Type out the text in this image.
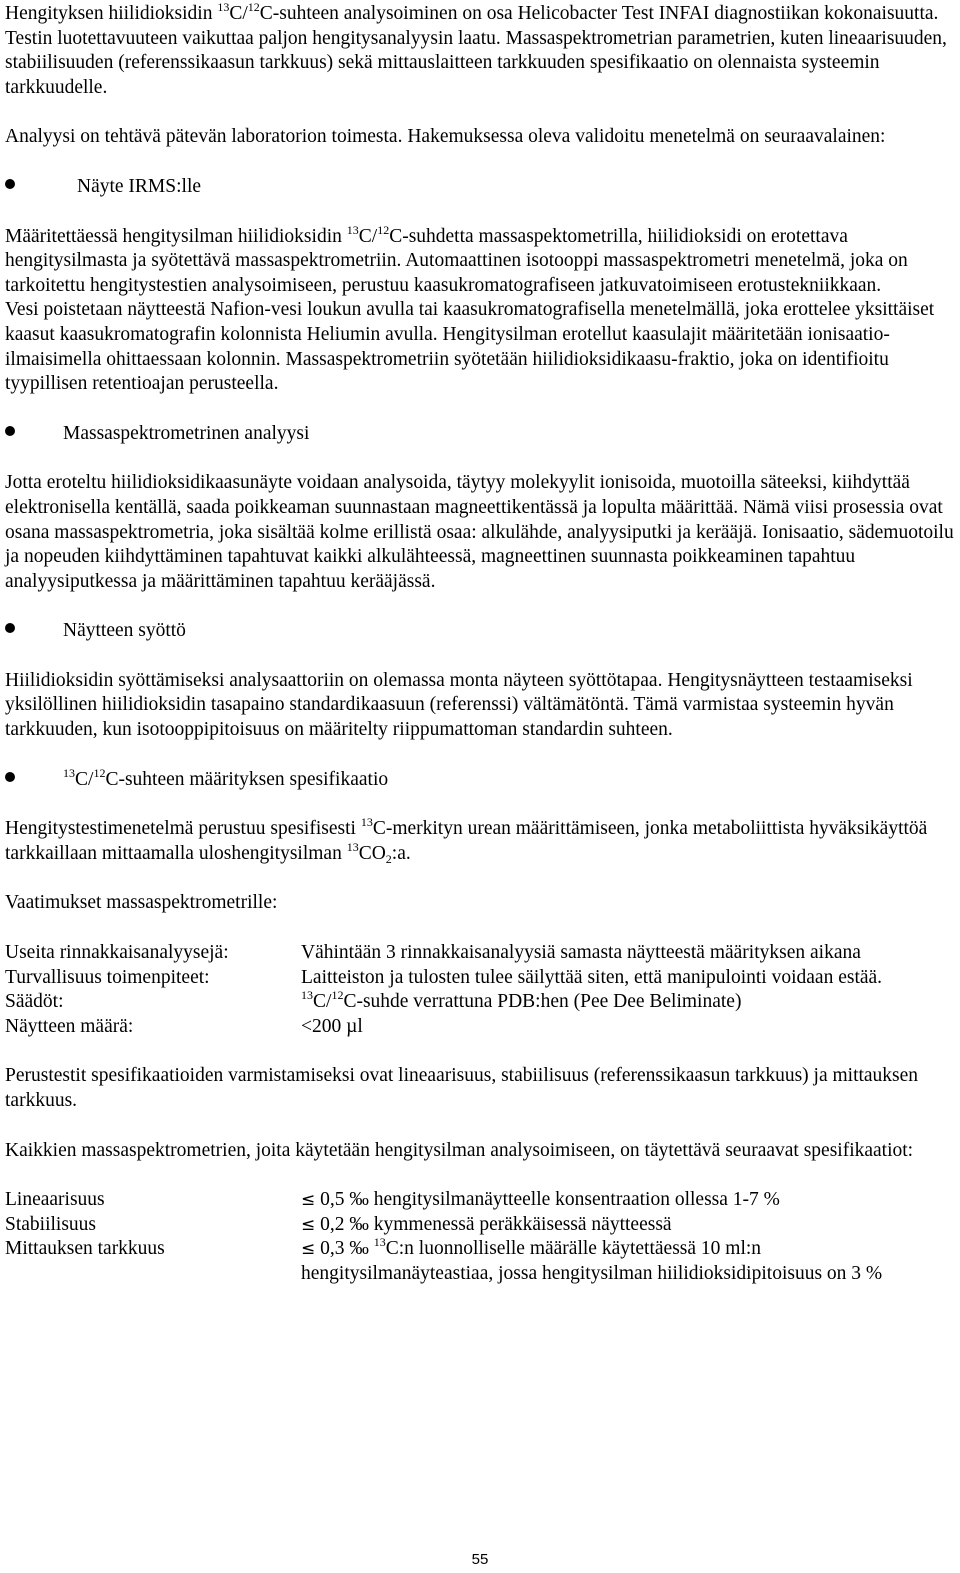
Hengityksen hiilidioksidin $^{13}$C/$^{12}$C-suhteen analysoiminen on osa Helicobacter Test INFAI diagnostiikan kokonaisuutta. Testin luotettavuuteen vaikuttaa paljon hengitysanalyysin laatu. Massaspektrometrian parametrien, kuten lineaarisuuden, stabiilisuuden (referenssikaasun tarkkuus) sekä mittauslaitteen tarkkuuden spesifikaatio on olennaista systeemin tarkkuudelle.

Analyysi on tehtävä pätevän laboratorion toimesta. Hakemuksessa oleva validoitu menetelmä on seuraavalainen:

Näyte IRMS:lle

Määritettäessä hengitysilman hiilidioksidin $^{13}$C/$^{12}$C-suhdetta massaspektometrilla, hiilidioksidi on erotettava hengitysilmasta ja syötettävä massaspektrometriin. Automaattinen isotooppi massaspektrometri menetelmä, joka on tarkoitettu hengitystestien analysoimiseen, perustuu kaasukromatografiseen jatkuvatoimiseen erotustekniikkaan.

Vesi poistetaan näytteestä Nafion-vesi loukun avulla tai kaasukromatografisella menetelmällä, joka erottelee yksittäiset kaasut kaasukromatografin kolonnista Heliumin avulla. Hengitysilman erotellut kaasulajit määritetään ionisaatio-ilmaisimella ohittaessaan kolonnin. Massaspektrometriin syötetään hiilidioksidikaasu-fraktio, joka on identifioitu tyypillisen retentioajan perusteella.

Massaspektrometrinen analyysi

Jotta eroteltu hiilidioksidikaasunäyte voidaan analysoida, täytyy molekyylit ionisoida, muotoilla säteeksi, kiihdyttää elektronisella kentällä, saada poikkeaman suunnastaan magneettikentässä ja lopulta määrittää. Nämä viisi prosessia ovat osana massaspektrometria, joka sisältää kolme erillistä osaa: alkulähde, analyysiputki ja kerääjä. Ionisaatio, sädemuotoilu ja nopeuden kiihdyttäminen tapahtuvat kaikki alkulähteessä, magneettinen suunnasta poikkeaminen tapahtuu analyysiputkessa ja määrittäminen tapahtuu kerääjässä.

Näytteen syöttö

Hiilidioksidin syöttämiseksi analysaattoriin on olemassa monta näyteen syöttötapaa. Hengitysnäytteen testaamiseksi yksilöllinen hiilidioksidin tasapaino standardikaasuun (referenssi) vältämätöntä. Tämä varmistaa systeemin hyvän tarkkuuden, kun isotooppipitoisuus on määritelty riippumattoman standardin suhteen.

$^{13}$C/$^{12}$C-suhteen määrityksen spesifikaatio

Hengitystestimenetelmä perustuu spesifisesti $^{13}$C-merkityn urean määrittämiseen, jonka metaboliittista hyväksikäyttöä tarkkaillaan mittaamalla uloshengitysilman $^{13}CO_2:a$.

Vaatimukset massaspektrometrille:

Useita rinnakkaisanalyysejä:	Vähintään 3 rinnakkaisanalyysiä samasta näytteestä määrityksen aikana
Turvallisuus toimenpiteet:	Laitteiston ja tulosten tulee säilyttää siten, että manipulointi voidaan estää.
Säädöt:	$^{13}$C/$^{12}$C-suhde verrattuna PDB:hen (Pee Dee Beliminate)
Näytteen määrä:	<200 µl

Perustestit spesifikaatioiden varmistamiseksi ovat lineaarisuus, stabiilisuus (referenssikaasun tarkkuus) ja mittauksen tarkkuus.

Kaikkien massaspektrometrien, joita käytetään hengitysilman analysoimiseen, on täytettävä seuraavat spesifikaatiot:

Lineaarisuus	≤ 0,5 ‰ hengitysilmanäytteelle konsentraation ollessa 1-7 %
Stabiilisuus	≤ 0,2 ‰ kymmenessä peräkkäisessä näytteessä
Mittauksen tarkkuus	≤ 0,3 ‰ $^{13}$C:n luonnolliselle määrälle käytettäessä 10 ml:n hengitysilmanäyteastiaa, jossa hengitysilman hiilidioksidipitoisuus on 3 %
55
